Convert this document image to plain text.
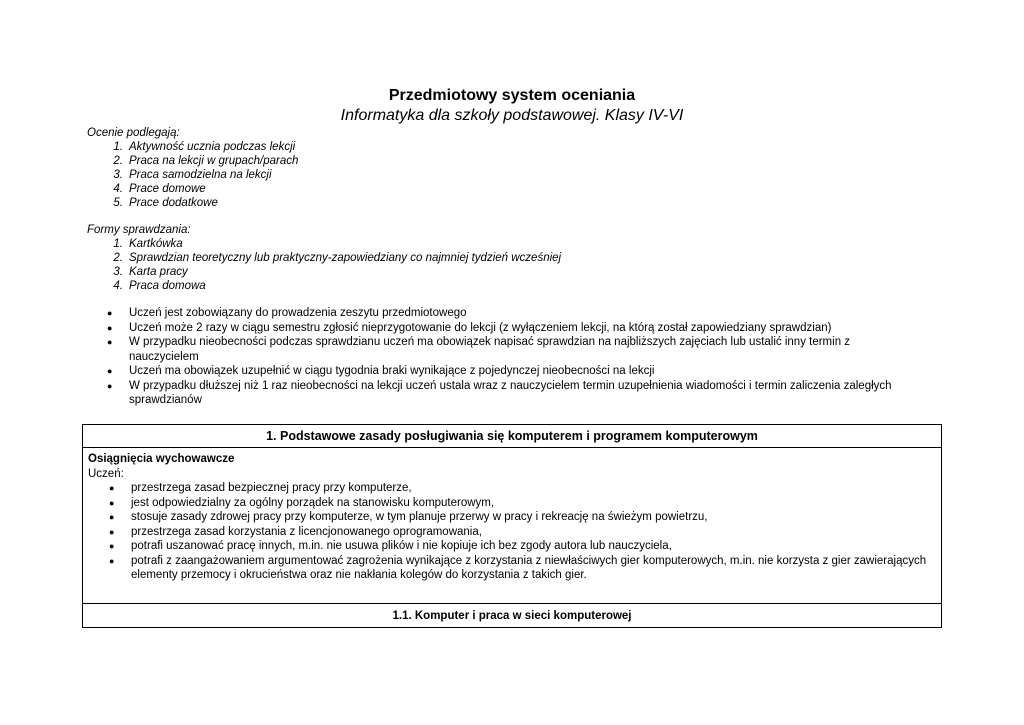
Przedmiotowy system oceniania
Informatyka dla szkoły podstawowej. Klasy IV-VI
Ocenie podlegają:
1. Aktywność ucznia podczas lekcji
2. Praca na lekcji w grupach/parach
3. Praca samodzielna na lekcji
4. Prace domowe
5. Prace dodatkowe
Formy sprawdzania:
1. Kartkówka
2. Sprawdzian teoretyczny lub praktyczny-zapowiedziany co najmniej tydzień wcześniej
3. Karta pracy
4. Praca domowa
●	Uczeń jest zobowiązany do prowadzenia zeszytu przedmiotowego
●	Uczeń może 2 razy w ciągu semestru zgłosić nieprzygotowanie do lekcji (z wyłączeniem lekcji, na którą został zapowiedziany sprawdzian)
●	W przypadku nieobecności podczas sprawdzianu uczeń ma obowiązek napisać sprawdzian na najbliższych zajęciach lub ustalić inny termin z nauczycielem
●	Uczeń ma obowiązek uzupełnić w ciągu tygodnia braki wynikające z pojedynczej nieobecności na lekcji
●	W przypadku dłuższej niż 1 raz nieobecności na lekcji uczeń ustala wraz z nauczycielem termin uzupełnienia wiadomości i termin zaliczenia zaległych sprawdzianów
1. Podstawowe zasady posługiwania się komputerem i programem komputerowym
Osiągnięcia wychowawcze
Uczeń:
●	przestrzega zasad bezpiecznej pracy przy komputerze,
●	jest odpowiedzialny za ogólny porządek na stanowisku komputerowym,
●	stosuje zasady zdrowej pracy przy komputerze, w tym planuje przerwy w pracy i rekreację na świeżym powietrzu,
●	przestrzega zasad korzystania z licencjonowanego oprogramowania,
●	potrafi uszanować pracę innych, m.in. nie usuwa plików i nie kopiuje ich bez zgody autora lub nauczyciela,
●	potrafi z zaangażowaniem argumentować zagrożenia wynikające z korzystania z niewłaściwych gier komputerowych, m.in. nie korzysta z gier zawierających elementy przemocy i okrucieństwa oraz nie nakłania kolegów do korzystania z takich gier.
1.1. Komputer i praca w sieci komputerowej
